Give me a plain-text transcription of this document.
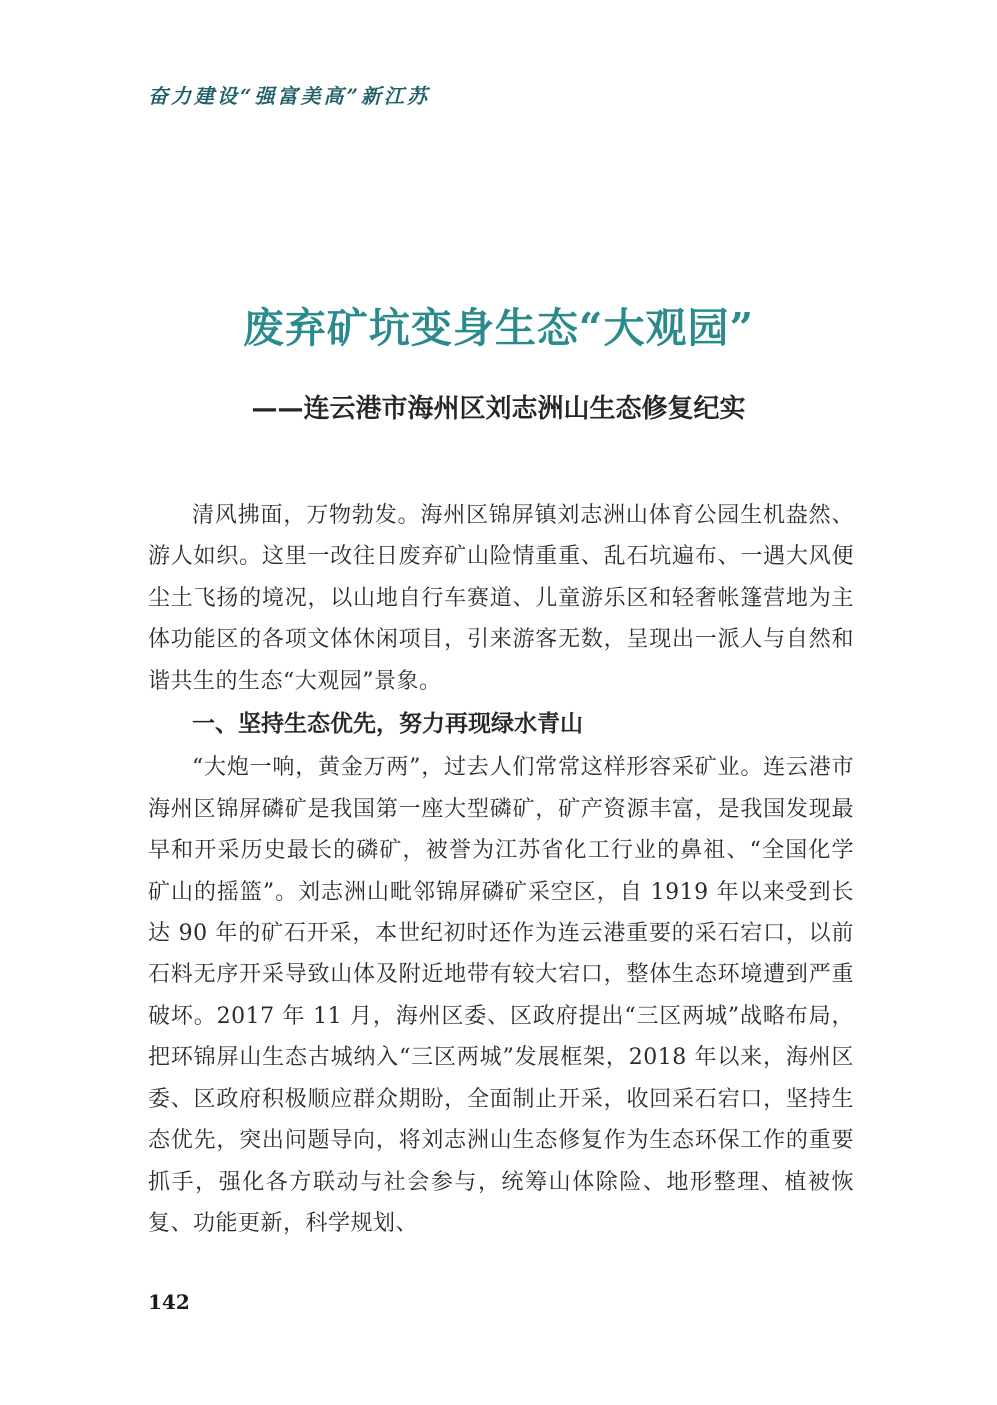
奋力建设“强富美高”新江苏
废弃矿坑变身生态“大观园”
——连云港市海州区刘志洲山生态修复纪实

清风拂面，万物勃发。海州区锦屏镇刘志洲山体育公园生机盎然、游人如织。这里一改往日废弃矿山险情重重、乱石坑遍布、一遇大风便尘土飞扬的境况，以山地自行车赛道、儿童游乐区和轻奢帐篷营地为主体功能区的各项文体休闲项目，引来游客无数，呈现出一派人与自然和谐共生的生态“大观园”景象。

一、坚持生态优先，努力再现绿水青山

“大炮一响，黄金万两”，过去人们常常这样形容采矿业。连云港市海州区锦屏磷矿是我国第一座大型磷矿，矿产资源丰富，是我国发现最早和开采历史最长的磷矿，被誉为江苏省化工行业的鼻祖、“全国化学矿山的摇篮”。刘志洲山毗邻锦屏磷矿采空区，自 1919 年以来受到长达 90 年的矿石开采，本世纪初时还作为连云港重要的采石宕口，以前石料无序开采导致山体及附近地带有较大宕口，整体生态环境遭到严重破坏。2017 年 11 月，海州区委、区政府提出“三区两城”战略布局，把环锦屏山生态古城纳入“三区两城”发展框架，2018 年以来，海州区委、区政府积极顺应群众期盼，全面制止开采，收回采石宕口，坚持生态优先，突出问题导向，将刘志洲山生态修复作为生态环保工作的重要抓手，强化各方联动与社会参与，统筹山体除险、地形整理、植被恢复、功能更新，科学规划、

142
